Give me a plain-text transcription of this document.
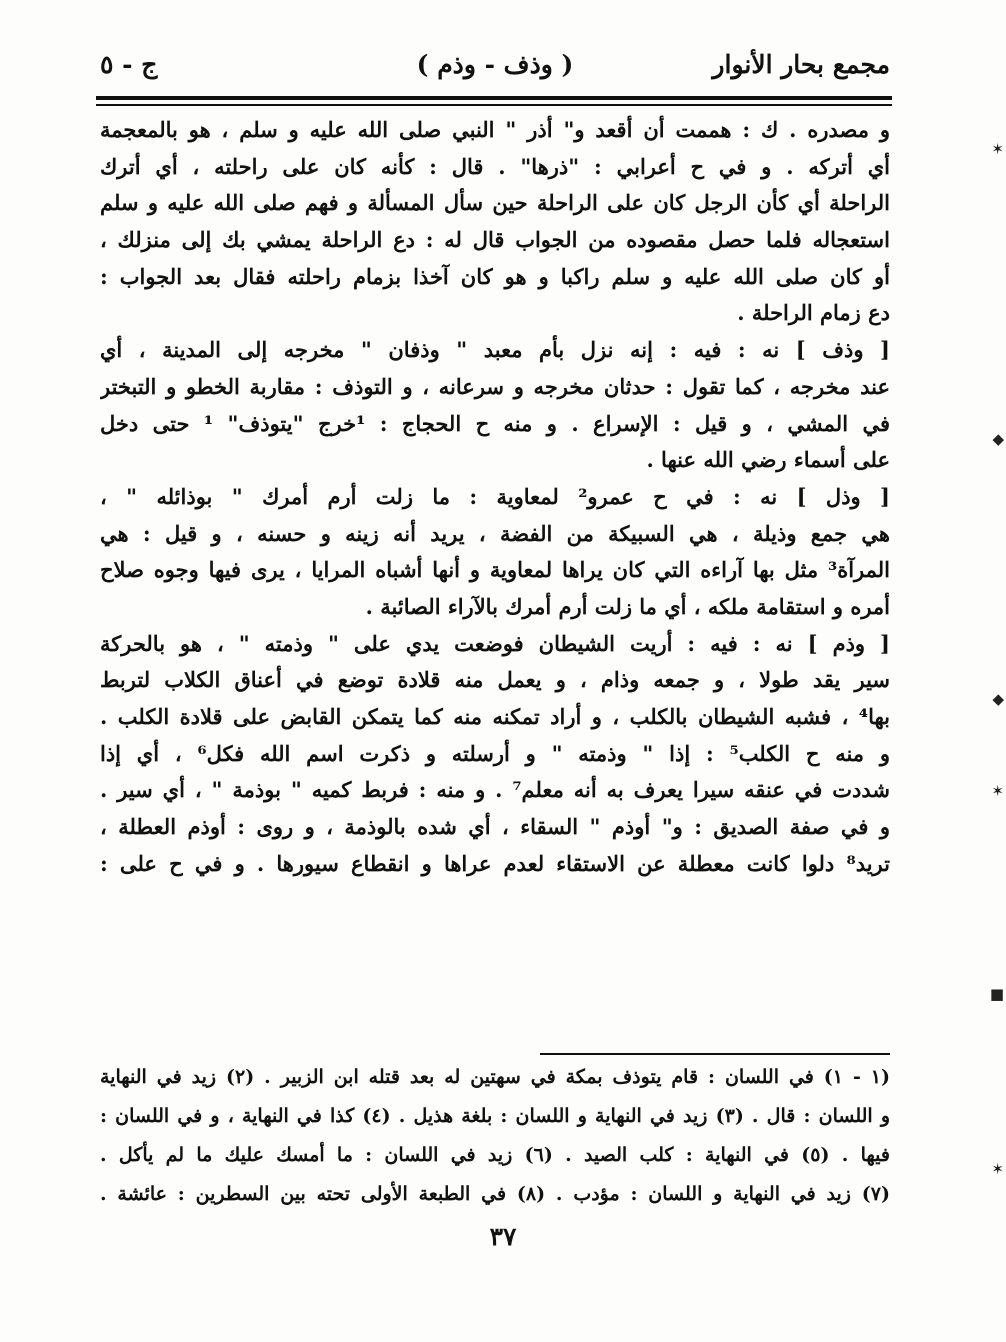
مجمع بحار الأنوار
( وذف - وذم )
ج - ٥
و مصدره . ك : هممت أن أقعد و" أذر " النبي صلى الله عليه و سلم ، هو بالمعجمة
أي أتركه . و في ح أعرابي : "ذرها" . قال : كأنه كان على راحلته ، أي أترك
الراحلة أي كأن الرجل كان على الراحلة حين سأل المسألة و فهم صلى الله عليه و سلم
استعجاله فلما حصل مقصوده من الجواب قال له : دع الراحلة يمشي بك إلى منزلك ،
أو كان صلى الله عليه و سلم راكبا و هو كان آخذا بزمام راحلته فقال بعد الجواب :
دع زمام الراحلة .
[ وذف ] نه : فيه : إنه نزل بأم معبد " وذفان " مخرجه إلى المدينة ، أي
عند مخرجه ، كما تقول : حدثان مخرجه و سرعانه ، و التوذف : مقاربة الخطو و التبختر
في المشي ، و قيل : الإسراع . و منه ح الحجاج : ¹خرج "يتوذف" ¹ حتى دخل
على أسماء رضي الله عنها .
[ وذل ] نه : في ح عمرو² لمعاوية : ما زلت أرم أمرك " بوذائله " ،
هي جمع وذيلة ، هي السبيكة من الفضة ، يريد أنه زينه و حسنه ، و قيل : هي
المرآة³ مثل بها آراءه التي كان يراها لمعاوية و أنها أشباه المرايا ، يرى فيها وجوه صلاح
أمره و استقامة ملكه ، أي ما زلت أرم أمرك بالآراء الصائبة .
[ وذم ] نه : فيه : أريت الشيطان فوضعت يدي على " وذمته " ، هو بالحركة
سير يقد طولا ، و جمعه وذام ، و يعمل منه قلادة توضع في أعناق الكلاب لتربط
بها⁴ ، فشبه الشيطان بالكلب ، و أراد تمكنه منه كما يتمكن القابض على قلادة الكلب .
و منه ح الكلب⁵ : إذا " وذمته " و أرسلته و ذكرت اسم الله فكل⁶ ، أي إذا
شددت في عنقه سيرا يعرف به أنه معلم⁷ . و منه : فربط كميه " بوذمة " ، أي سير .
و في صفة الصديق : و" أوذم " السقاء ، أي شده بالوذمة ، و روى : أوذم العطلة ،
تريد⁸ دلوا كانت معطلة عن الاستقاء لعدم عراها و انقطاع سيورها . و في ح على :
(١ - ١) في اللسان : قام يتوذف بمكة في سهتين له بعد قتله ابن الزبير . (٢) زيد في النهاية
و اللسان : قال . (٣) زيد في النهاية و اللسان : بلغة هذيل . (٤) كذا في النهاية ، و في اللسان :
فيها . (٥) في النهاية : كلب الصيد . (٦) زيد في اللسان : ما أمسك عليك ما لم يأكل .
(٧) زيد في النهاية و اللسان : مؤدب . (٨) في الطبعة الأولى تحته بين السطرين : عائشة .
٣٧
✶
◆
◆
✶
■
✶
